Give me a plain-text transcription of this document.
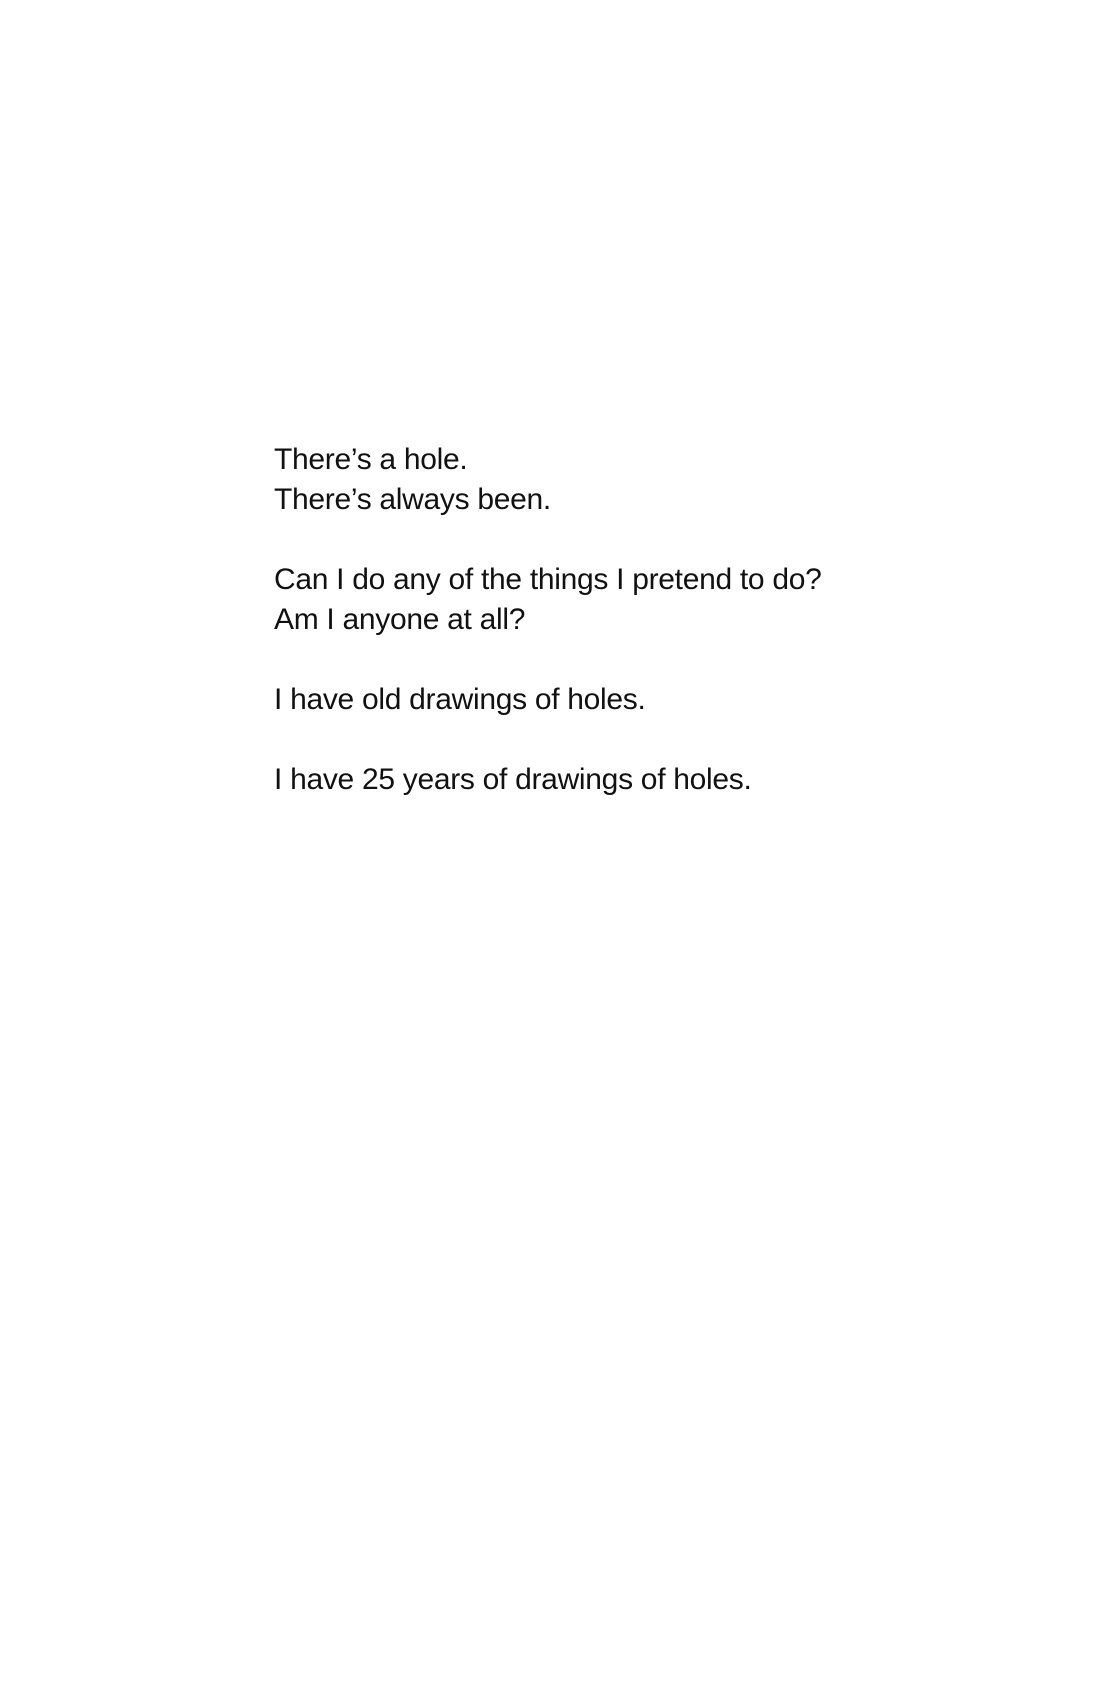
There’s a hole.
There’s always been.
Can I do any of the things I pretend to do?
Am I anyone at all?
I have old drawings of holes.
I have 25 years of drawings of holes.
